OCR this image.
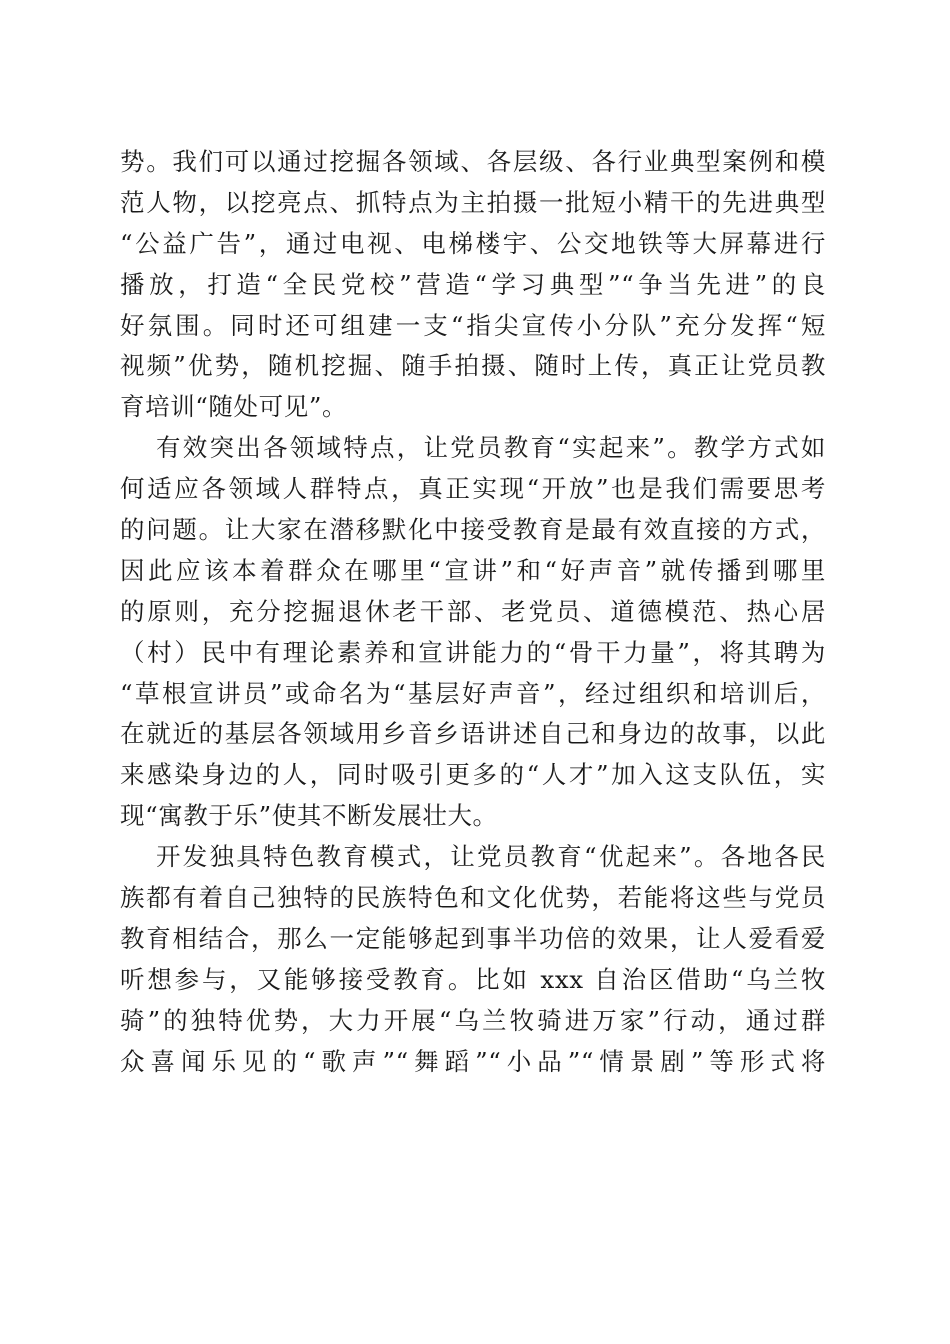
势。我们可以通过挖掘各领域、各层级、各行业典型案例和模
范人物，以挖亮点、抓特点为主拍摄一批短小精干的先进典型
“公益广告”，通过电视、电梯楼宇、公交地铁等大屏幕进行
播放，打造“全民党校”营造“学习典型”“争当先进”的良
好氛围。同时还可组建一支“指尖宣传小分队”充分发挥“短
视频”优势，随机挖掘、随手拍摄、随时上传，真正让党员教
育培训“随处可见”。
有效突出各领域特点，让党员教育“实起来”。教学方式如
何适应各领域人群特点，真正实现“开放”也是我们需要思考
的问题。让大家在潜移默化中接受教育是最有效直接的方式，
因此应该本着群众在哪里“宣讲”和“好声音”就传播到哪里
的原则，充分挖掘退休老干部、老党员、道德模范、热心居
（村）民中有理论素养和宣讲能力的“骨干力量”，将其聘为
“草根宣讲员”或命名为“基层好声音”，经过组织和培训后，
在就近的基层各领域用乡音乡语讲述自己和身边的故事，以此
来感染身边的人，同时吸引更多的“人才”加入这支队伍，实
现“寓教于乐”使其不断发展壮大。
开发独具特色教育模式，让党员教育“优起来”。各地各民
族都有着自己独特的民族特色和文化优势，若能将这些与党员
教育相结合，那么一定能够起到事半功倍的效果，让人爱看爱
听想参与，又能够接受教育。比如 xxx 自治区借助“乌兰牧
骑”的独特优势，大力开展“乌兰牧骑进万家”行动，通过群
众喜闻乐见的“歌声”“舞蹈”“小品”“情景剧”等形式将
